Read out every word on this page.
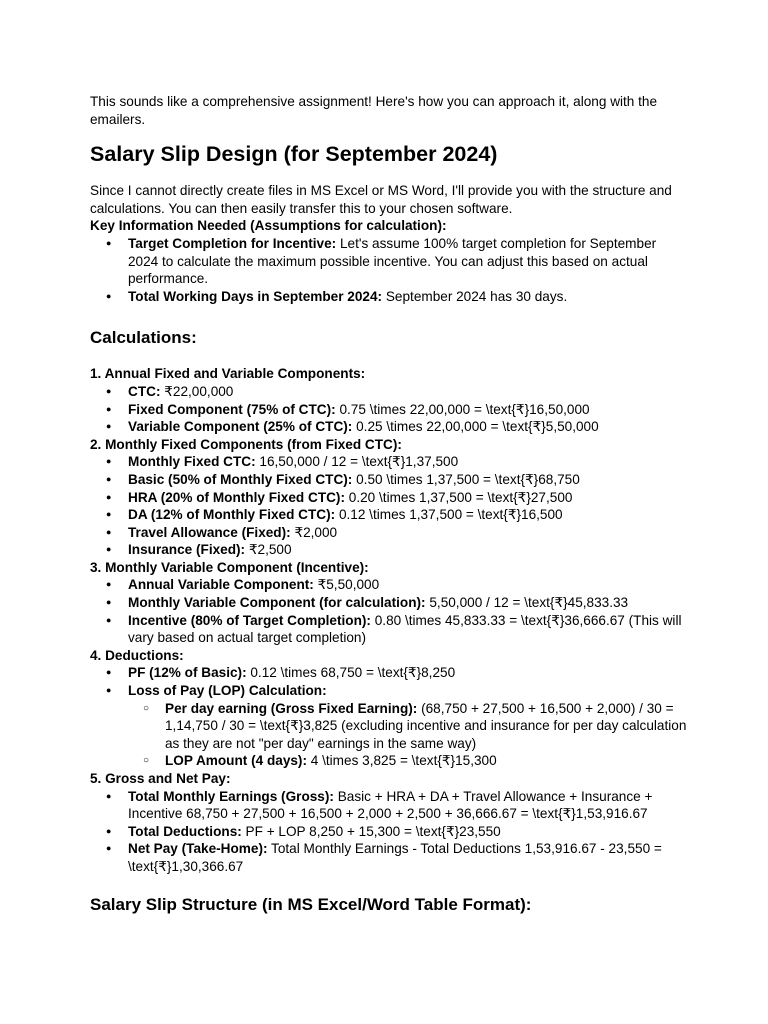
This sounds like a comprehensive assignment! Here's how you can approach it, along with the emailers.

Salary Slip Design (for September 2024)

Since I cannot directly create files in MS Excel or MS Word, I'll provide you with the structure and calculations. You can then easily transfer this to your chosen software.

Key Information Needed (Assumptions for calculation):

● Target Completion for Incentive: Let's assume 100% target completion for September 2024 to calculate the maximum possible incentive. You can adjust this based on actual performance.
● Total Working Days in September 2024: September 2024 has 30 days.
Calculations:

1. Annual Fixed and Variable Components:

● CTC: ₹22,00,000
● Fixed Component (75% of CTC): 0.75 \times 22,00,000 = \text{₹}16,50,000
● Variable Component (25% of CTC): 0.25 \times 22,00,000 = \text{₹}5,50,000

2. Monthly Fixed Components (from Fixed CTC):

● Monthly Fixed CTC: 16,50,000 / 12 = \text{₹}1,37,500
● Basic (50% of Monthly Fixed CTC): 0.50 \times 1,37,500 = \text{₹}68,750
● HRA (20% of Monthly Fixed CTC): 0.20 \times 1,37,500 = \text{₹}27,500
● DA (12% of Monthly Fixed CTC): 0.12 \times 1,37,500 = \text{₹}16,500
● Travel Allowance (Fixed): ₹2,000
● Insurance (Fixed): ₹2,500

3. Monthly Variable Component (Incentive):

● Annual Variable Component: ₹5,50,000
● Monthly Variable Component (for calculation): 5,50,000 / 12 = \text{₹}45,833.33
● Incentive (80% of Target Completion): 0.80 \times 45,833.33 = \text{₹}36,666.67 (This will vary based on actual target completion)

4. Deductions:

● PF (12% of Basic): 0.12 \times 68,750 = \text{₹}8,250
● Loss of Pay (LOP) Calculation:
○ Per day earning (Gross Fixed Earning): (68,750 + 27,500 + 16,500 + 2,000) / 30 = 1,14,750 / 30 = \text{₹}3,825 (excluding incentive and insurance for per day calculation as they are not "per day" earnings in the same way)
○ LOP Amount (4 days): 4 \times 3,825 = \text{₹}15,300

5. Gross and Net Pay:

● Total Monthly Earnings (Gross): Basic + HRA + DA + Travel Allowance + Insurance + Incentive 68,750 + 27,500 + 16,500 + 2,000 + 2,500 + 36,666.67 = \text{₹}1,53,916.67
● Total Deductions: PF + LOP 8,250 + 15,300 = \text{₹}23,550
● Net Pay (Take-Home): Total Monthly Earnings - Total Deductions 1,53,916.67 - 23,550 = \text{₹}1,30,366.67
Salary Slip Structure (in MS Excel/Word Table Format):
